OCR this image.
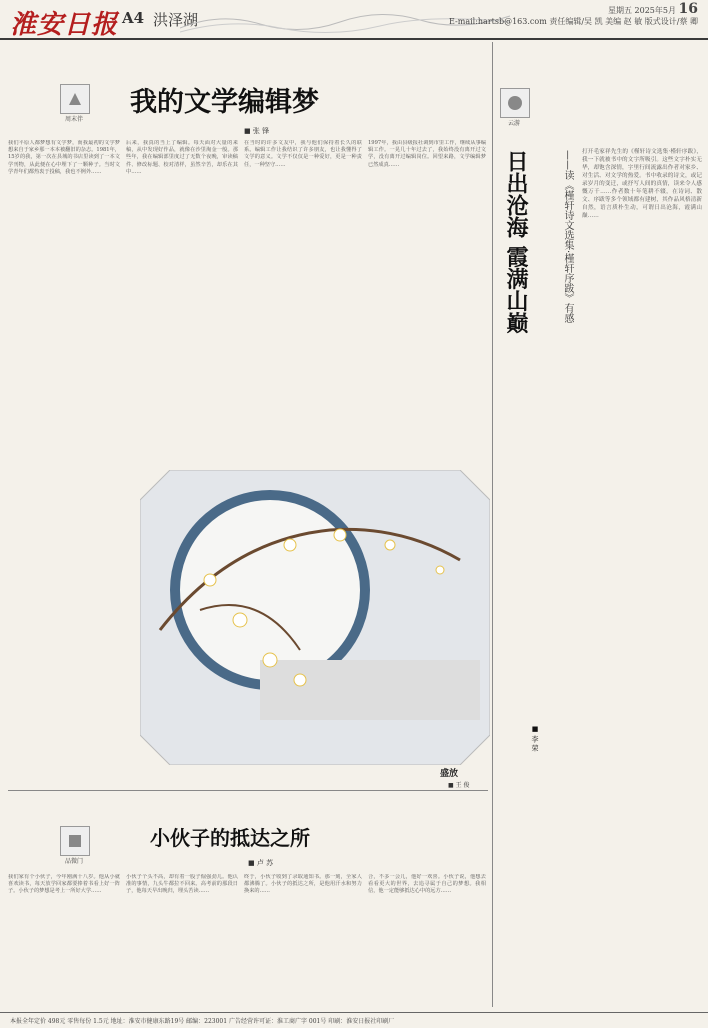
淮安日报 A4 洪泽湖
星期五 2025年5月 16
E-mail:hartsb@163.com 责任编辑/吴 凯 美编 赵 敏 版式设计/蔡 卿
周末伴
我的文学编辑梦
■ 张 锋
我们平原人都梦想有文学梦，而我最初的文学梦想来自于家乡那一本本被翻旧的杂志。1981年，15岁的我，第一次在县城的书店里读到了一本文学刊物，从此便在心中埋下了一颗种子。当时文学青年们都热衷于投稿，我也不例外……
后来，我真的当上了编辑。每天面对大量的来稿，从中发现好作品，就像在沙里淘金一般。那些年，我在编辑部里度过了无数个夜晚，审读稿件、修改标题、校对清样，虽然辛苦，却乐在其中……
在当时的许多文友中，我与他们保持着长久的联系。编辑工作让我结识了许多朋友，也让我懂得了文学的意义。文学不仅仅是一种爱好，更是一种责任，一种坚守……
1997年，我由县级报社调到市里工作，继续从事编辑工作。一晃几十年过去了，我始终没有离开过文学，没有离开过编辑岗位。回望来路，文学编辑梦已然成真……
盛放
■ 王 俊
云游
日出沧海 霞满山巅	——读《槿轩诗文选集·槿轩序跋》有感
■ 李 荣
打开毛家祥先生的《槿轩诗文选集·槿轩序跋》，我一下就被书中的文字所吸引。这些文字朴实无华，却饱含深情，字里行间流露出作者对家乡、对生活、对文学的热爱。书中收录的诗文，或记录岁月的变迁，或抒写人间的真情，读来令人感慨万千……作者数十年笔耕不辍，在诗词、散文、序跋等多个领域都有建树，其作品风格清新自然，语言质朴生动，可谓日出沧海，霞满山巅……
品微门
小伙子的抵达之所
■ 卢 苏
我们家有个小伙子，今年刚满十八岁。他从小就喜欢读书，每天放学回家都要捧着书看上好一阵子。小伙子的梦想是考上一所好大学……
小伙子个头不高，却有着一股子倔强劲儿。他认准的事情，九头牛都拉不回来。高考前的那段日子，他每天早出晚归，埋头苦读……
终于，小伙子收到了录取通知书。那一刻，全家人都沸腾了。小伙子的抵达之所，是他用汗水和努力换来的……
合，不多一会儿，他好一欢喜。小伙子说，他想去看看更大的世界，去追寻属于自己的梦想。我相信，他一定能够抵达心中的远方……
本报全年定价 498元 零售每份 1.5元 地址：淮安市健康东路19号 邮编：223001 广告经营许可证：淮工商广字 001号 印刷：淮安日报社印刷厂
